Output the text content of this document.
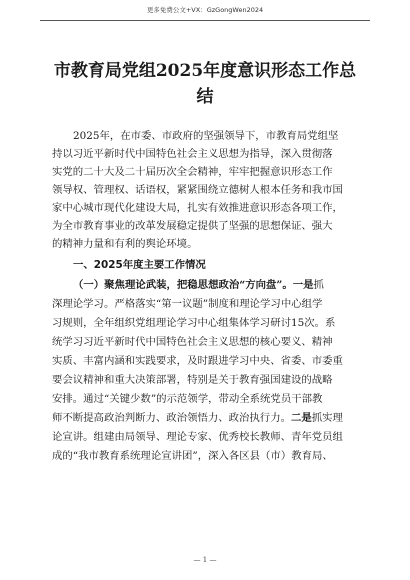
更多免费公文+VX：GzGongWen2024
市教育局党组2025年度意识形态工作总结

2025年，在市委、市政府的坚强领导下，市教育局党组坚

持以习近平新时代中国特色社会主义思想为指导，深入贯彻落

实党的二十大及二十届历次全会精神，牢牢把握意识形态工作

领导权、管理权、话语权，紧紧围绕立德树人根本任务和我市国

家中心城市现代化建设大局，扎实有效推进意识形态各项工作，

为全市教育事业的改革发展稳定提供了坚强的思想保证、强大

的精神力量和有利的舆论环境。

一、2025年度主要工作情况

（一）聚焦理论武装，把稳思想政治“方向盘”。一是抓

深理论学习。严格落实“第一议题”制度和理论学习中心组学

习规则，全年组织党组理论学习中心组集体学习研讨15次。系

统学习习近平新时代中国特色社会主义思想的核心要义、精神

实质、丰富内涵和实践要求，及时跟进学习中央、省委、市委重

要会议精神和重大决策部署，特别是关于教育强国建设的战略

安排。通过“关键少数”的示范领学，带动全系统党员干部教

师不断提高政治判断力、政治领悟力、政治执行力。二是抓实理

论宣讲。组建由局领导、理论专家、优秀校长教师、青年党员组

成的“我市教育系统理论宣讲团”，深入各区县（市）教育局、

— 1 —
